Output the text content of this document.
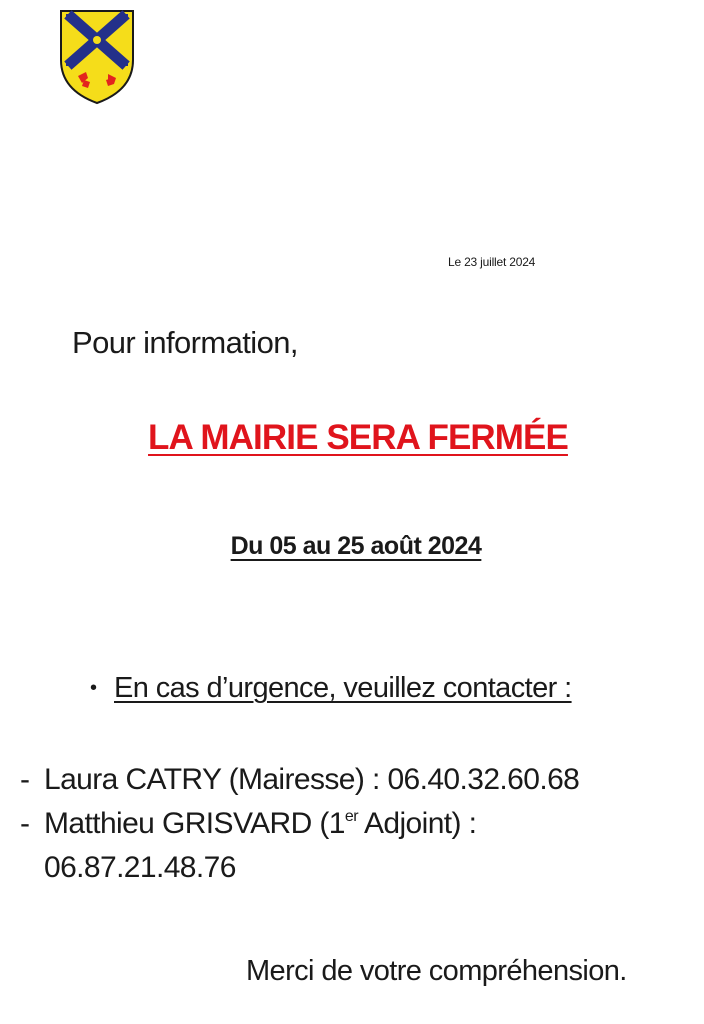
Le 23 juillet 2024
Pour information,
LA MAIRIE SERA FERMÉE
Du 05 au 25 août 2024
• En cas d’urgence, veuillez contacter :
- Laura CATRY (Mairesse) : 06.40.32.60.68
- Matthieu GRISVARD (1er Adjoint) :
06.87.21.48.76
Merci de votre compréhension.
